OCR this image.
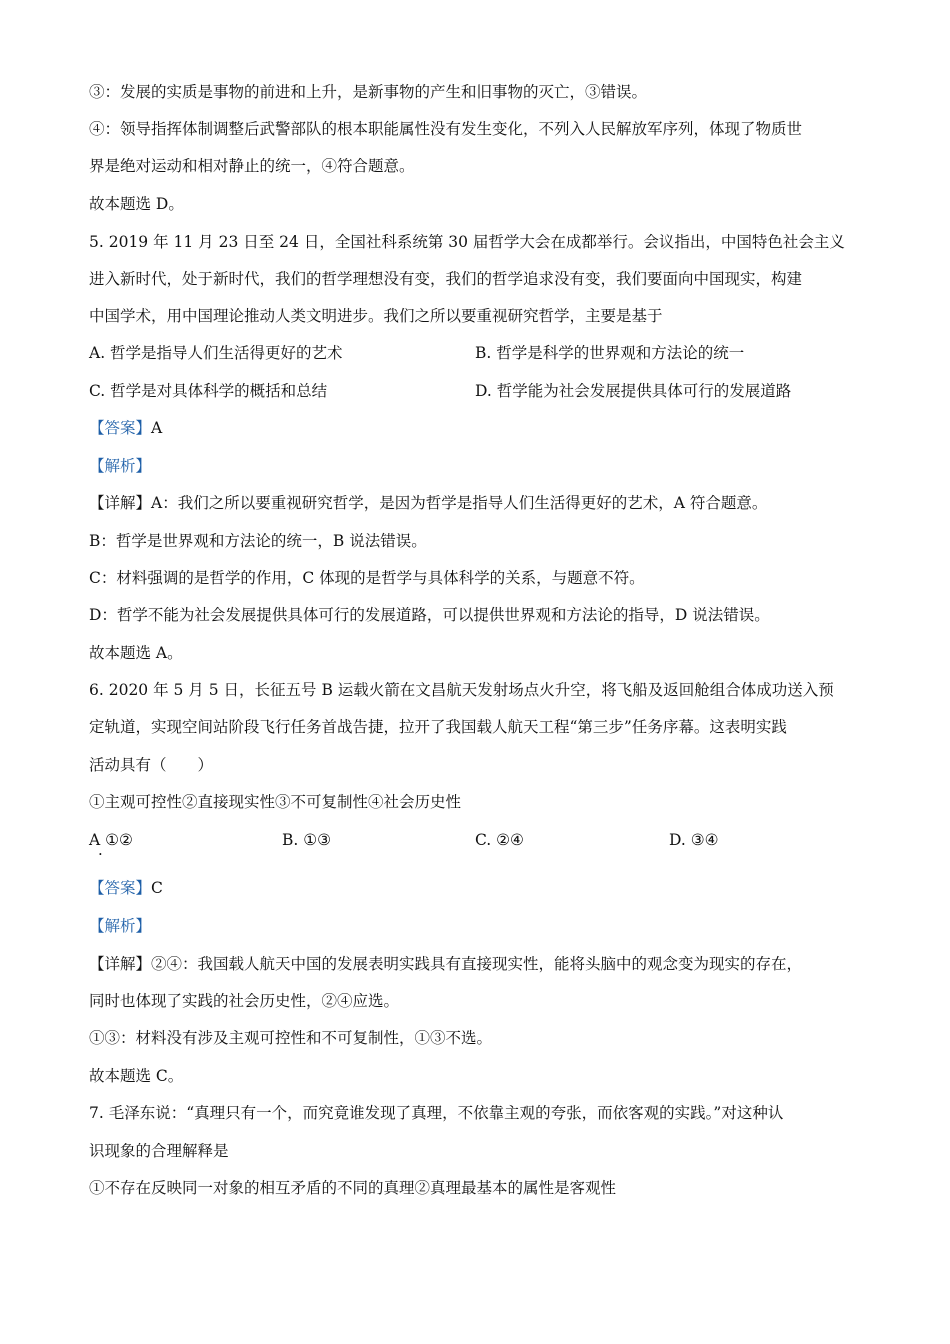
③：发展的实质是事物的前进和上升，是新事物的产生和旧事物的灭亡，③错误。
④：领导指挥体制调整后武警部队的根本职能属性没有发生变化，不列入人民解放军序列，体现了物质世
界是绝对运动和相对静止的统一，④符合题意。
故本题选 D。
5. 2019 年 11 月 23 日至 24 日，全国社科系统第 30 届哲学大会在成都举行。会议指出，中国特色社会主义
进入新时代，处于新时代，我们的哲学理想没有变，我们的哲学追求没有变，我们要面向中国现实，构建
中国学术，用中国理论推动人类文明进步。我们之所以要重视研究哲学，主要是基于
A. 哲学是指导人们生活得更好的艺术	B. 哲学是科学的世界观和方法论的统一
C. 哲学是对具体科学的概括和总结	D. 哲学能为社会发展提供具体可行的发展道路
【答案】A
【解析】
【详解】A：我们之所以要重视研究哲学，是因为哲学是指导人们生活得更好的艺术，A 符合题意。
B：哲学是世界观和方法论的统一，B 说法错误。
C：材料强调的是哲学的作用，C 体现的是哲学与具体科学的关系，与题意不符。
D：哲学不能为社会发展提供具体可行的发展道路，可以提供世界观和方法论的指导，D 说法错误。
故本题选 A。
6. 2020 年 5 月 5 日，长征五号 B 运载火箭在文昌航天发射场点火升空，将飞船及返回舱组合体成功送入预
定轨道，实现空间站阶段飞行任务首战告捷，拉开了我国载人航天工程“第三步”任务序幕。这表明实践
活动具有（　　）
①主观可控性②直接现实性③不可复制性④社会历史性
A ①②
·
B. ①③	C. ②④	D. ③④
【答案】C
【解析】
【详解】②④：我国载人航天中国的发展表明实践具有直接现实性，能将头脑中的观念变为现实的存在，
同时也体现了实践的社会历史性，②④应选。
①③：材料没有涉及主观可控性和不可复制性，①③不选。
故本题选 C。
7. 毛泽东说：“真理只有一个，而究竟谁发现了真理，不依靠主观的夸张，而依客观的实践。”对这种认
识现象的合理解释是
①不存在反映同一对象的相互矛盾的不同的真理②真理最基本的属性是客观性
